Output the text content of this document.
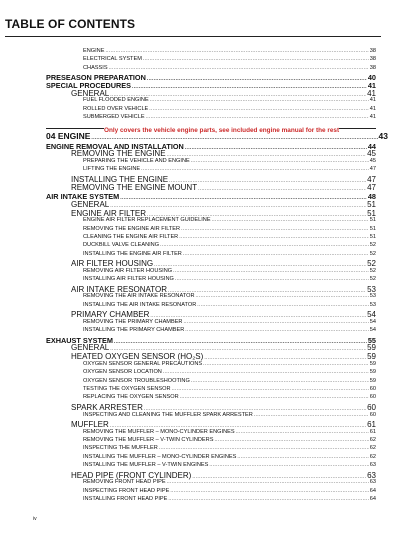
TABLE OF CONTENTS
ENGINE .....	38
ELECTRICAL SYSTEM .....	38
CHASSIS .....	38
PRESEASON PREPARATION .....	40
SPECIAL PROCEDURES .....	41
GENERAL .....	41
FUEL FLOODED ENGINE .....	41
ROLLED OVER VEHICLE .....	41
SUBMERGED VEHICLE .....	41
04 ENGINE .....	43
Only covers the vehicle engine parts, see included engine manual for the rest
ENGINE REMOVAL AND INSTALLATION .....	44
REMOVING THE ENGINE .....	45
PREPARING THE VEHICLE AND ENGINE .....	45
LIFTING THE ENGINE .....	47
INSTALLING THE ENGINE .....	47
REMOVING THE ENGINE MOUNT .....	47
AIR INTAKE SYSTEM .....	48
GENERAL .....	51
ENGINE AIR FILTER .....	51
ENGINE AIR FILTER REPLACEMENT GUIDELINE .....	51
REMOVING THE ENGINE AIR FILTER .....	51
CLEANING THE ENGINE AIR FILTER .....	51
DUCKBILL VALVE CLEANING .....	52
INSTALLING THE ENGINE AIR FILTER .....	52
AIR FILTER HOUSING .....	52
REMOVING AIR FILTER HOUSING .....	52
INSTALLING AIR FILTER HOUSING .....	52
AIR INTAKE RESONATOR .....	53
REMOVING THE AIR INTAKE RESONATOR .....	53
INSTALLING THE AIR INTAKE RESONATOR .....	53
PRIMARY CHAMBER .....	54
REMOVING THE PRIMARY CHAMBER .....	54
INSTALLING THE PRIMARY CHAMBER .....	54
EXHAUST SYSTEM .....	55
GENERAL .....	59
HEATED OXYGEN SENSOR (HO₂S) .....	59
OXYGEN SENSOR GENERAL PRECAUTIONS .....	59
OXYGEN SENSOR LOCATION .....	59
OXYGEN SENSOR TROUBLESHOOTING .....	59
TESTING THE OXYGEN SENSOR .....	60
REPLACING THE OXYGEN SENSOR .....	60
SPARK ARRESTER .....	60
INSPECTING AND CLEANING THE MUFFLER SPARK ARRESTER .....	60
MUFFLER .....	61
REMOVING THE MUFFLER – MONO-CYLINDER ENGINES .....	61
REMOVING THE MUFFLER – V-TWIN CYLINDERS .....	62
INSPECTING THE MUFFLER .....	62
INSTALLING THE MUFFLER – MONO-CYLINDER ENGINES .....	62
INSTALLING THE MUFFLER – V-TWIN ENGINES .....	63
HEAD PIPE (FRONT CYLINDER) .....	63
REMOVING FRONT HEAD PIPE .....	63
INSPECTING FRONT HEAD PIPE .....	64
INSTALLING FRONT HEAD PIPE .....	64
iv
